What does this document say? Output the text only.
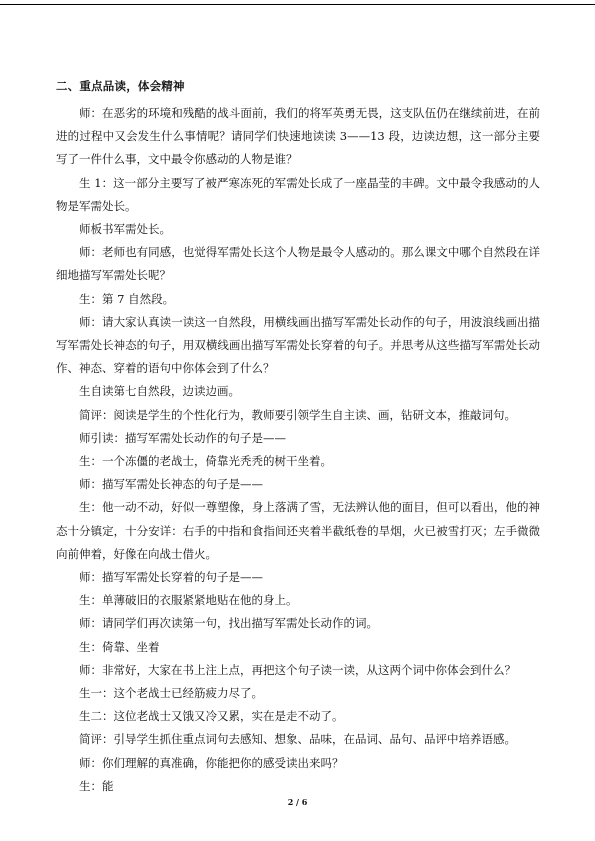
二、重点品读，体会精神

师：在恶劣的环境和残酷的战斗面前，我们的将军英勇无畏，这支队伍仍在继续前进，在前进的过程中又会发生什么事情呢？请同学们快速地读读 3——13 段，边读边想，这一部分主要写了一件什么事，文中最令你感动的人物是谁？

生 1：这一部分主要写了被严寒冻死的军需处长成了一座晶莹的丰碑。文中最令我感动的人物是军需处长。

师板书军需处长。

师：老师也有同感，也觉得军需处长这个人物是最令人感动的。那么课文中哪个自然段在详细地描写军需处长呢？

生：第 7 自然段。

师：请大家认真读一读这一自然段，用横线画出描写军需处长动作的句子，用波浪线画出描写军需处长神态的句子，用双横线画出描写军需处长穿着的句子。并思考从这些描写军需处长动作、神态、穿着的语句中你体会到了什么？

生自读第七自然段，边读边画。

简评：阅读是学生的个性化行为，教师要引领学生自主读、画，钻研文本，推敲词句。

师引读：描写军需处长动作的句子是——

生：一个冻僵的老战士，倚靠光秃秃的树干坐着。

师：描写军需处长神态的句子是——

生：他一动不动，好似一尊塑像，身上落满了雪，无法辨认他的面目，但可以看出，他的神态十分镇定，十分安详：右手的中指和食指间还夹着半截纸卷的旱烟，火已被雪打灭；左手微微向前伸着，好像在向战士借火。

师：描写军需处长穿着的句子是——

生：单薄破旧的衣服紧紧地贴在他的身上。

师：请同学们再次读第一句，找出描写军需处长动作的词。

生：倚靠、坐着

师：非常好，大家在书上注上点，再把这个句子读一读，从这两个词中你体会到什么？

生一：这个老战士已经筋疲力尽了。

生二：这位老战士又饿又冷又累，实在是走不动了。

简评：引导学生抓住重点词句去感知、想象、品味，在品词、品句、品评中培养语感。

师：你们理解的真准确，你能把你的感受读出来吗？

生：能

2 / 6
